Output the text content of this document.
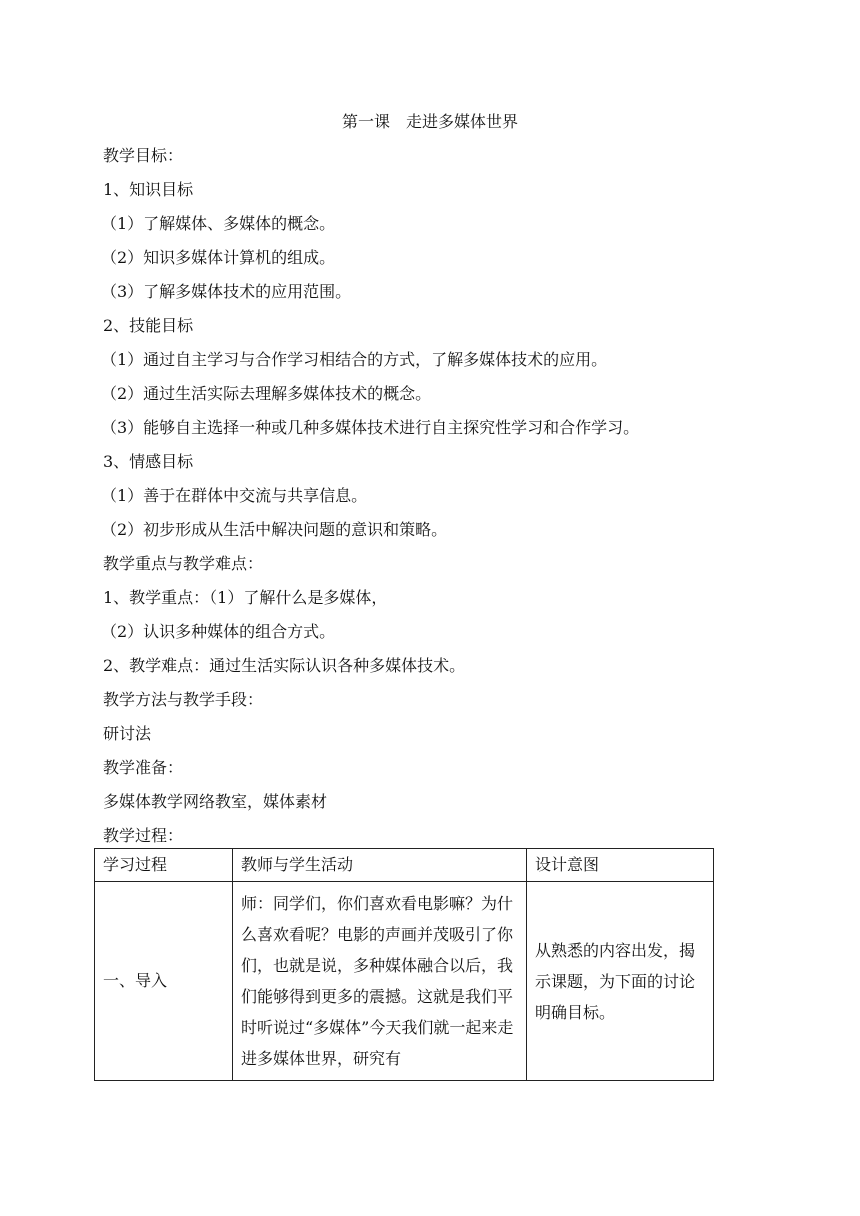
第一课　走进多媒体世界
教学目标：
1、知识目标
（1）了解媒体、多媒体的概念。
（2）知识多媒体计算机的组成。
（3）了解多媒体技术的应用范围。
2、技能目标
（1）通过自主学习与合作学习相结合的方式，了解多媒体技术的应用。
（2）通过生活实际去理解多媒体技术的概念。
（3）能够自主选择一种或几种多媒体技术进行自主探究性学习和合作学习。
3、情感目标
（1）善于在群体中交流与共享信息。
（2）初步形成从生活中解决问题的意识和策略。
教学重点与教学难点：
1、教学重点：（1）了解什么是多媒体，
（2）认识多种媒体的组合方式。
2、教学难点：通过生活实际认识各种多媒体技术。
教学方法与教学手段：
研讨法
教学准备：
多媒体教学网络教室，媒体素材
教学过程：
学习过程	教师与学生活动	设计意图
一、导入	师：同学们，你们喜欢看电影嘛？为什么喜欢看呢？电影的声画并茂吸引了你们，也就是说，多种媒体融合以后，我们能够得到更多的震撼。这就是我们平时听说过“多媒体”今天我们就一起来走进多媒体世界，研究有	从熟悉的内容出发，揭示课题，为下面的讨论明确目标。
